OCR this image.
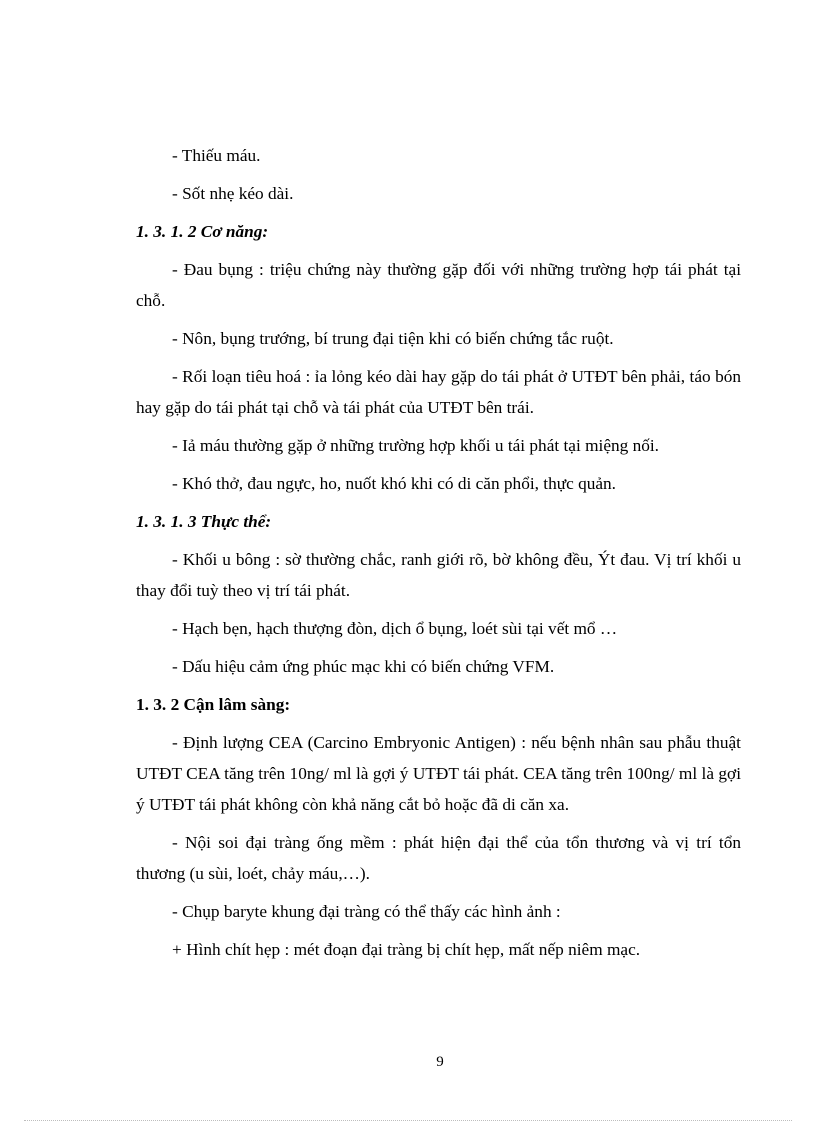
- Thiếu máu.

- Sốt nhẹ kéo dài.

1. 3. 1. 2 Cơ năng:

- Đau bụng : triệu chứng này thường gặp đối với những trường hợp tái phát tại chỗ.

- Nôn, bụng trướng, bí trung đại tiện khi có biến chứng tắc ruột.

- Rối loạn tiêu hoá : ỉa lỏng kéo dài hay gặp do tái phát ở UTĐT bên phải, táo bón hay gặp do tái phát tại chỗ và tái phát của UTĐT bên trái.

- Iả máu thường gặp ở những trường hợp khối u tái phát tại miệng nối.

- Khó thở, đau ngực, ho, nuốt khó khi có di căn phổi, thực quản.

1. 3. 1. 3 Thực thể:

- Khối u bông : sờ thường chắc, ranh giới rõ, bờ không đều, Ýt đau. Vị trí khối u thay đổi tuỳ theo vị trí tái phát.

- Hạch bẹn, hạch thượng đòn, dịch ổ bụng, loét sùi tại vết mổ …

- Dấu hiệu cảm ứng phúc mạc khi có biến chứng VFM.

1. 3. 2 Cận lâm sàng:

- Định lượng CEA (Carcino Embryonic Antigen) : nếu bệnh nhân sau phẫu thuật UTĐT CEA tăng trên 10ng/ ml là gợi ý UTĐT tái phát. CEA tăng trên 100ng/ ml là gợi ý UTĐT tái phát không còn khả năng cắt bỏ hoặc đã di căn xa.

- Nội soi đại tràng ống mềm : phát hiện đại thể của tổn thương và vị trí tổn thương (u sùi, loét, chảy máu,…).

- Chụp baryte khung đại tràng có thể thấy các hình ảnh :

+ Hình chít hẹp : mét đoạn đại tràng bị chít hẹp, mất nếp niêm mạc.

9
